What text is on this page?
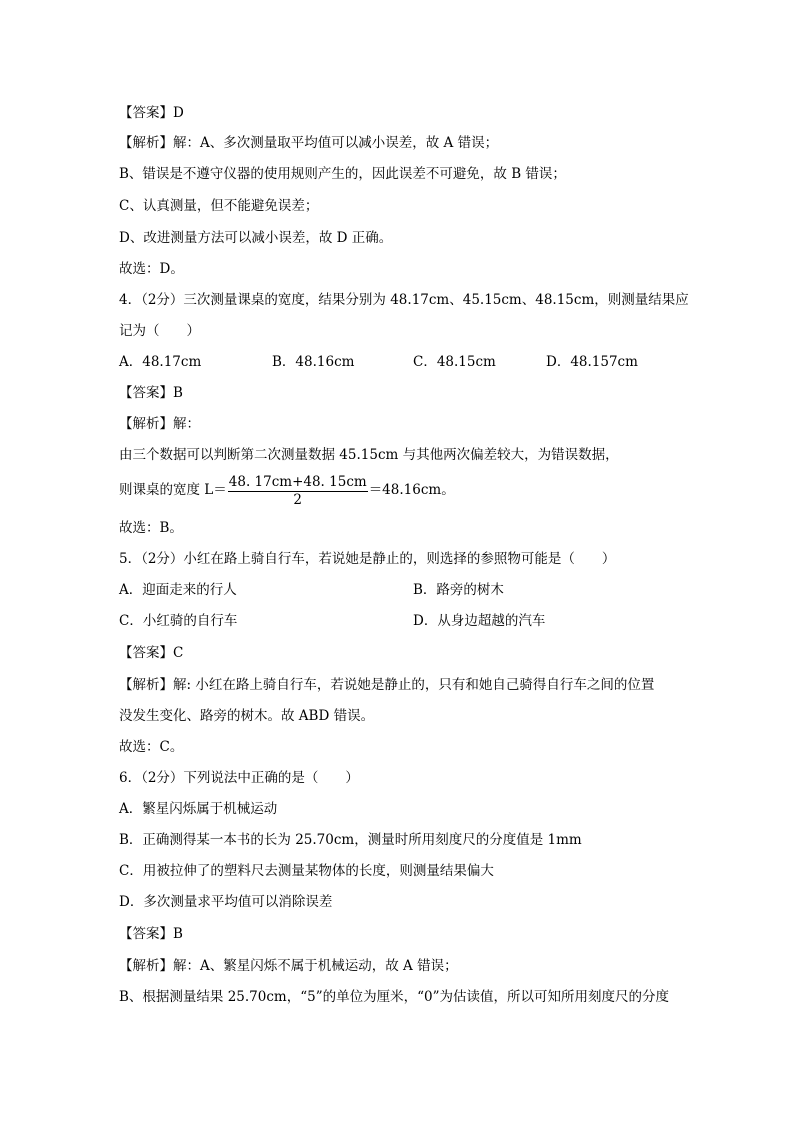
【答案】D
【解析】解：A、多次测量取平均值可以减小误差，故 A 错误；
B、错误是不遵守仪器的使用规则产生的，因此误差不可避免，故 B 错误；
C、认真测量，但不能避免误差；
D、改进测量方法可以减小误差，故 D 正确。
故选：D。
4．（2分）三次测量课桌的宽度，结果分别为 48.17cm、45.15cm、48.15cm，则测量结果应
记为（　　）
A．48.17cm	B．48.16cm	C．48.15cm	D．48.157cm
【答案】B
【解析】解：
由三个数据可以判断第二次测量数据 45.15cm 与其他两次偏差较大，为错误数据，
则课桌的宽度 $L= \frac{48. 17cm+48. 15cm}{2} =48.16cm$。
故选：B。
5．（2分）小红在路上骑自行车，若说她是静止的，则选择的参照物可能是（　　）
A．迎面走来的行人	B．路旁的树木
C．小红骑的自行车	D．从身边超越的汽车
【答案】C
【解析】解: 小红在路上骑自行车，若说她是静止的，只有和她自己骑得自行车之间的位置
没发生变化、路旁的树木。故 ABD 错误。
故选：C。
6．（2分）下列说法中正确的是（　　）
A．繁星闪烁属于机械运动
B．正确测得某一本书的长为 25.70cm，测量时所用刻度尺的分度值是 1mm
C．用被拉伸了的塑料尺去测量某物体的长度，则测量结果偏大
D．多次测量求平均值可以消除误差
【答案】B
【解析】解：A、繁星闪烁不属于机械运动，故 A 错误；
B、根据测量结果 25.70cm，“5”的单位为厘米，“0”为估读值，所以可知所用刻度尺的分度
